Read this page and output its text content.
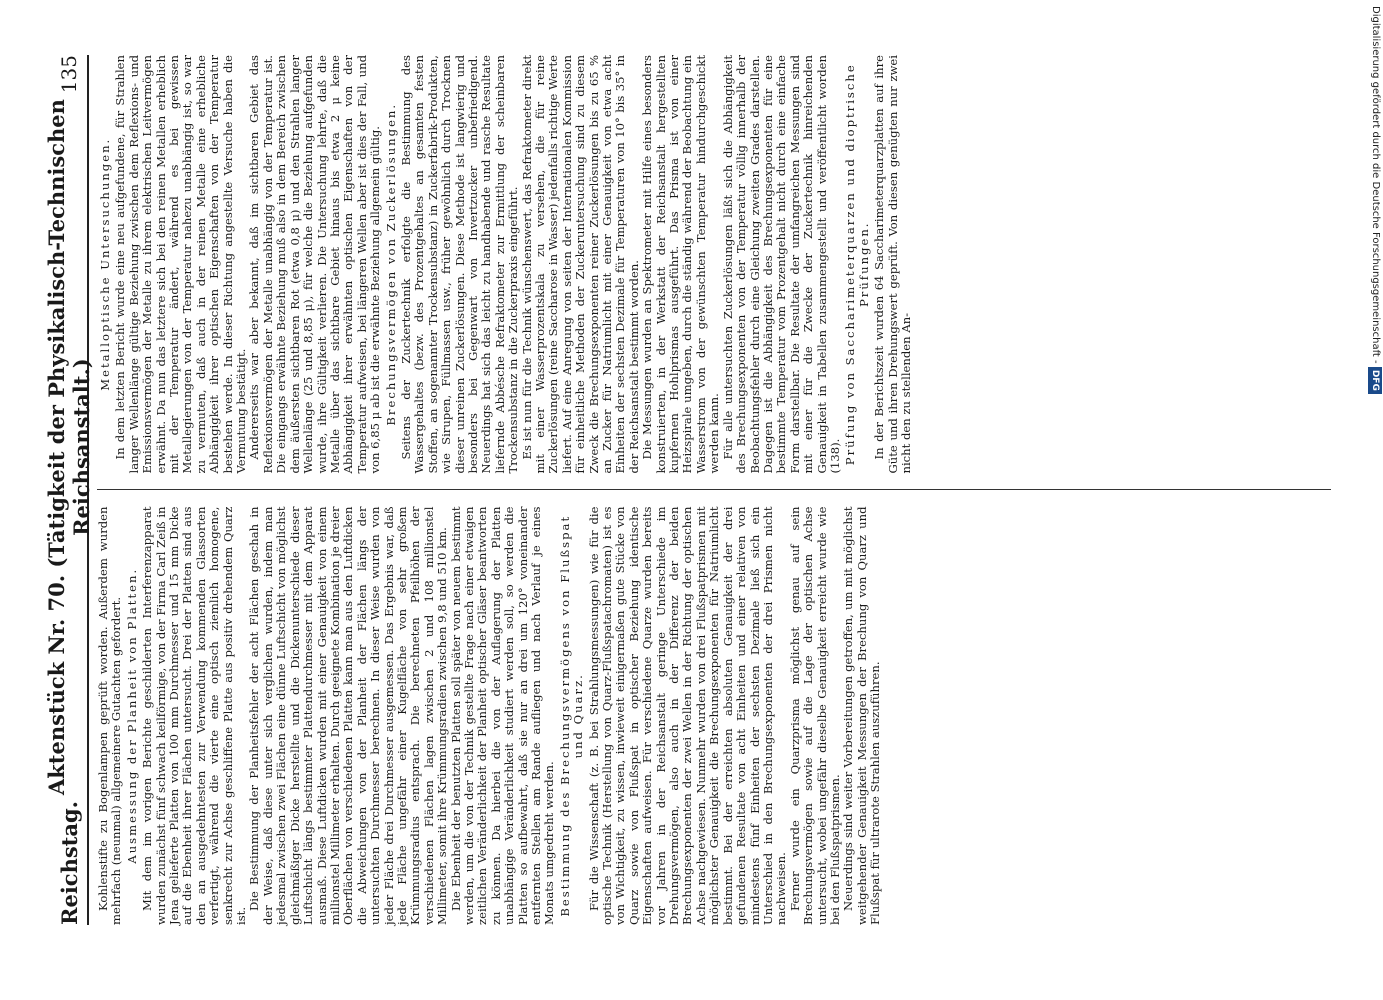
Reichstag.
Aktenstück Nr. 70. (Tätigkeit der Physikalisch-Technischen Reichsanstalt.)
135

Kohlenstifte zu Bogenlampen geprüft worden. Außerdem wurden mehrfach (neunmal) allgemeinere Gutachten gefordert. Ausmessung der Planheit von Platten. Mit dem im vorigen Berichte geschilderten Interferenzapparat wurden zunächst fünf schwach keilförmige, von der Firma Carl Zeiß in Jena gelieferte Platten von 100 mm Durchmesser und 15 mm Dicke auf die Ebenheit ihrer Flächen untersucht. Drei der Platten sind aus den an ausgedehntesten zur Verwendung kommenden Glassorten verfertigt, während die vierte eine optisch ziemlich homogene, senkrecht zur Achse geschliffene Platte aus positiv drehendem Quarz ist.

Die Bestimmung der Planheitsfehler der acht Flächen geschah in der Weise, daß diese unter sich verglichen wurden, indem man jedesmal zwischen zwei Flächen eine dünne Luftschicht von möglichst gleichmäßiger Dicke herstellte und die Dickenunterschiede dieser Luftschicht längs bestimmter Plattendurchmesser mit dem Apparat ausmaß. Diese Luftdicken wurden mit einer Genauigkeit von einem millionstel Millimeter erhalten. Durch geeignete Kombination je dreier Oberflächen von verschiedenen Platten kann man aus den Luftdicken die Abweichungen von der Planheit der Flächen längs der untersuchten Durchmesser berechnen. In dieser Weise wurden von jeder Fläche drei Durchmesser ausgemessen. Das Ergebnis war, daß jede Fläche ungefähr einer Kugelfläche von sehr großem Krümmungsradius entsprach. Die berechneten Pfeilhöhen der verschiedenen Flächen lagen zwischen 2 und 108 millionstel Millimeter, somit ihre Krümmungsradien zwischen 9,8 und 510 km. Die Ebenheit der benutzten Platten soll später von neuem bestimmt werden, um die von der Technik gestellte Frage nach einer etwaigen zeitlichen Veränderlichkeit der Planheit optischer Gläser beantworten zu können. Da hierbei die von der Auflagerung der Platten unabhängige Veränderlichkeit studiert werden soll, so werden die Platten so aufbewahrt, daß sie nur an drei um 120° voneinander entfernten Stellen am Rande aufliegen und nach Verlauf je eines Monats umgedreht werden. Bestimmung des Brechungsvermögens von Flußspat und Quarz. Für die Wissenschaft (z. B. bei Strahlungsmessungen) wie für die optische Technik (Herstellung von Quarz-Flußspatachromaten) ist es von Wichtigkeit, zu wissen, inwieweit einigermaßen gute Stücke von Quarz sowie von Flußspat in optischer Beziehung identische Eigenschaften aufweisen. Für verschiedene Quarze wurden bereits vor Jahren in der Reichsanstalt geringe Unterschiede im Drehungsvermögen, also auch in der Differenz der beiden Brechungsexponenten der zwei Wellen in der Richtung der optischen Achse nachgewiesen. Nunmehr wurden von drei Flußspatprismen mit möglichster Genauigkeit die Brechungsexponenten für Natriumlicht bestimmt. Bei der erreichten absoluten Genauigkeit der drei gefundenen Resultate von acht Einheiten und einer relativen von mindestens fünf Einheiten der sechsten Dezimale ließ sich ein Unterschied in den Brechungsexponenten der drei Prismen nicht nachweisen. Ferner wurde ein Quarzprisma möglichst genau auf sein Brechungsvermögen sowie auf die Lage der optischen Achse untersucht, wobei ungefähr dieselbe Genauigkeit erreicht wurde wie bei den Flußspatprismen. Neuerdings sind weiter Vorbereitungen getroffen, um mit möglichst weitgehender Genauigkeit Messungen der Brechung von Quarz und Flußspat für ultrarote Strahlen auszuführen.

Metalloptische Untersuchungen. In dem letzten Bericht wurde eine neu aufgefundene, für Strahlen langer Wellenlänge gültige Beziehung zwischen dem Reflexions- und Emissionsvermögen der Metalle zu ihrem elektrischen Leitvermögen erwähnt. Da nun das letztere sich bei den reinen Metallen erheblich mit der Temperatur ändert, während es bei gewissen Metallegierungen von der Temperatur nahezu unabhängig ist, so war zu vermuten, daß auch in der reinen Metalle eine erhebliche Abhängigkeit ihrer optischen Eigenschaften von der Temperatur bestehen werde. In dieser Richtung angestellte Versuche haben die Vermutung bestätigt. Andererseits war aber bekannt, daß im sichtbaren Gebiet das Reflexionsvermögen der Metalle unabhängig von der Temperatur ist. Die eingangs erwähnte Beziehung muß also in dem Bereich zwischen dem äußersten sichtbaren Rot (etwa 0,8 μ) und den Strahlen langer Wellenlänge (25 und 8,85 μ), für welche die Beziehung aufgefunden wurde, ihre Gültigkeit verlieren. Die Untersuchung lehrte, daß die Metalle über das sichtbare Gebiet hinaus bis etwa 2 μ keine Abhängigkeit ihrer erwähnten optischen Eigenschaften von der Temperatur aufweisen, bei längeren Wellen aber ist dies der Fall, und von 6,85 μ ab ist die erwähnte Beziehung allgemein gültig. Brechungsvermögen von Zuckerlösungen. Seitens der Zuckertechnik erfolgte die Bestimmung des Wassergehaltes (bezw. des Prozentgehaltes an gesamten festen Stoffen, an sogenannter Trockensubstanz) in Zuckerfabrik-Produkten, wie Sirupen, Füllmassen usw., früher gewöhnlich durch Trocknen dieser unreinen Zuckerlösungen. Diese Methode ist langwierig und besonders bei Gegenwart von Invertzucker unbefriedigend. Neuerdings hat sich das leicht zu handhabende und rasche Resultate liefernde Abbésche Refraktometer zur Ermittlung der scheinbaren Trockensubstanz in die Zuckerpraxis eingeführt. Es ist nun für die Technik wünschenswert, das Refraktometer direkt mit einer Wasserprozentskala zu versehen, die für reine Zuckerlösungen (reine Saccharose in Wasser) jedenfalls richtige Werte liefert. Auf eine Anregung von seiten der Internationalen Kommission für einheitliche Methoden der Zuckeruntersuchung sind zu diesem Zweck die Brechungsexponenten reiner Zuckerlösungen bis zu 65 % an Zucker für Natriumlicht mit einer Genauigkeit von etwa acht Einheiten der sechsten Dezimale für Temperaturen von 10° bis 35° in der Reichsanstalt bestimmt worden. Die Messungen wurden an Spektrometer mit Hilfe eines besonders konstruierten, in der Werkstatt der Reichsanstalt hergestellten kupfernen Hohlprismas ausgeführt. Das Prisma ist von einer Heizspirale umgeben, durch die ständig während der Beobachtung ein Wasserstrom von der gewünschten Temperatur hindurchgeschickt werden kann. Für alle untersuchten Zuckerlösungen läßt sich die Abhängigkeit des Brechungsexponenten von der Temperatur völlig innerhalb der Beobachtungsfehler durch eine Gleichung zweiten Grades darstellen. Dagegen ist die Abhängigkeit des Brechungsexponenten für eine bestimmte Temperatur vom Prozentgehalt nicht durch eine einfache Form darstellbar. Die Resultate der umfangreichen Messungen sind mit einer für die Zwecke der Zuckertechnik hinreichenden Genauigkeit in Tabellen zusammengestellt und veröffentlicht worden (138). Prüfung von Saccharimeterquarzen und dioptrische Prüfungen. In der Berichtszeit wurden 64 Saccharimeterquarzplatten auf ihre Güte und ihren Drehungswert geprüft. Von diesen genügten nur zwei nicht den zu stellenden An-

Digitalisierung gefördert durch die Deutsche Forschungsgemeinschaft - DFG
